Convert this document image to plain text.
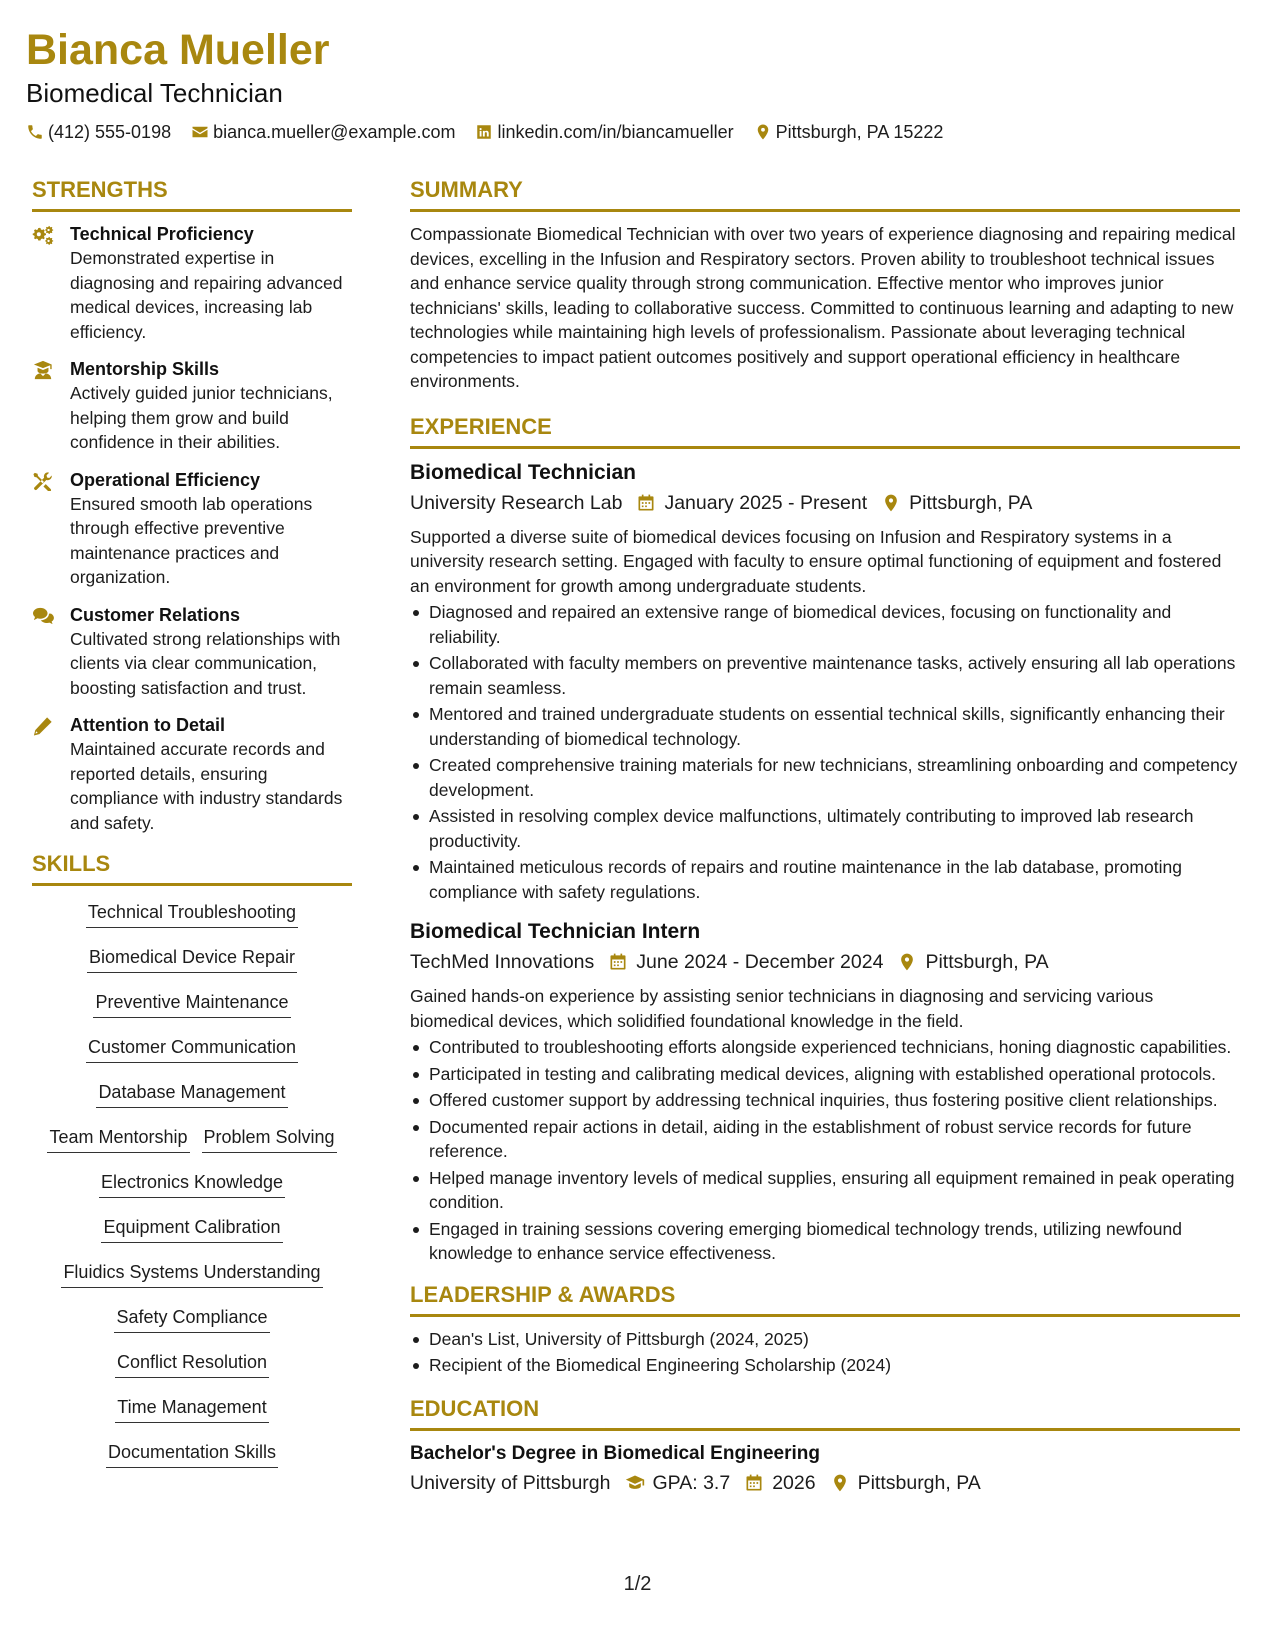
Bianca Mueller
Biomedical Technician
(412) 555-0198 bianca.mueller@example.com linkedin.com/in/biancamueller Pittsburgh, PA 15222
STRENGTHS
Technical Proficiency
Demonstrated expertise in diagnosing and repairing advanced medical devices, increasing lab efficiency.
Mentorship Skills
Actively guided junior technicians, helping them grow and build confidence in their abilities.
Operational Efficiency
Ensured smooth lab operations through effective preventive maintenance practices and organization.
Customer Relations
Cultivated strong relationships with clients via clear communication, boosting satisfaction and trust.
Attention to Detail
Maintained accurate records and reported details, ensuring compliance with industry standards and safety.
SKILLS
Technical Troubleshooting
Biomedical Device Repair
Preventive Maintenance
Customer Communication
Database Management
Team Mentorship Problem Solving
Electronics Knowledge
Equipment Calibration
Fluidics Systems Understanding
Safety Compliance
Conflict Resolution
Time Management
Documentation Skills
SUMMARY
Compassionate Biomedical Technician with over two years of experience diagnosing and repairing medical devices, excelling in the Infusion and Respiratory sectors. Proven ability to troubleshoot technical issues and enhance service quality through strong communication. Effective mentor who improves junior technicians' skills, leading to collaborative success. Committed to continuous learning and adapting to new technologies while maintaining high levels of professionalism. Passionate about leveraging technical competencies to impact patient outcomes positively and support operational efficiency in healthcare environments.
EXPERIENCE
Biomedical Technician
University Research Lab January 2025 - Present Pittsburgh, PA
Supported a diverse suite of biomedical devices focusing on Infusion and Respiratory systems in a university research setting. Engaged with faculty to ensure optimal functioning of equipment and fostered an environment for growth among undergraduate students.
Diagnosed and repaired an extensive range of biomedical devices, focusing on functionality and reliability.
Collaborated with faculty members on preventive maintenance tasks, actively ensuring all lab operations remain seamless.
Mentored and trained undergraduate students on essential technical skills, significantly enhancing their understanding of biomedical technology.
Created comprehensive training materials for new technicians, streamlining onboarding and competency development.
Assisted in resolving complex device malfunctions, ultimately contributing to improved lab research productivity.
Maintained meticulous records of repairs and routine maintenance in the lab database, promoting compliance with safety regulations.
Biomedical Technician Intern
TechMed Innovations June 2024 - December 2024 Pittsburgh, PA
Gained hands-on experience by assisting senior technicians in diagnosing and servicing various biomedical devices, which solidified foundational knowledge in the field.
Contributed to troubleshooting efforts alongside experienced technicians, honing diagnostic capabilities.
Participated in testing and calibrating medical devices, aligning with established operational protocols.
Offered customer support by addressing technical inquiries, thus fostering positive client relationships.
Documented repair actions in detail, aiding in the establishment of robust service records for future reference.
Helped manage inventory levels of medical supplies, ensuring all equipment remained in peak operating condition.
Engaged in training sessions covering emerging biomedical technology trends, utilizing newfound knowledge to enhance service effectiveness.
LEADERSHIP & AWARDS
Dean's List, University of Pittsburgh (2024, 2025)
Recipient of the Biomedical Engineering Scholarship (2024)
EDUCATION
Bachelor's Degree in Biomedical Engineering
University of Pittsburgh GPA: 3.7 2026 Pittsburgh, PA
1/2
